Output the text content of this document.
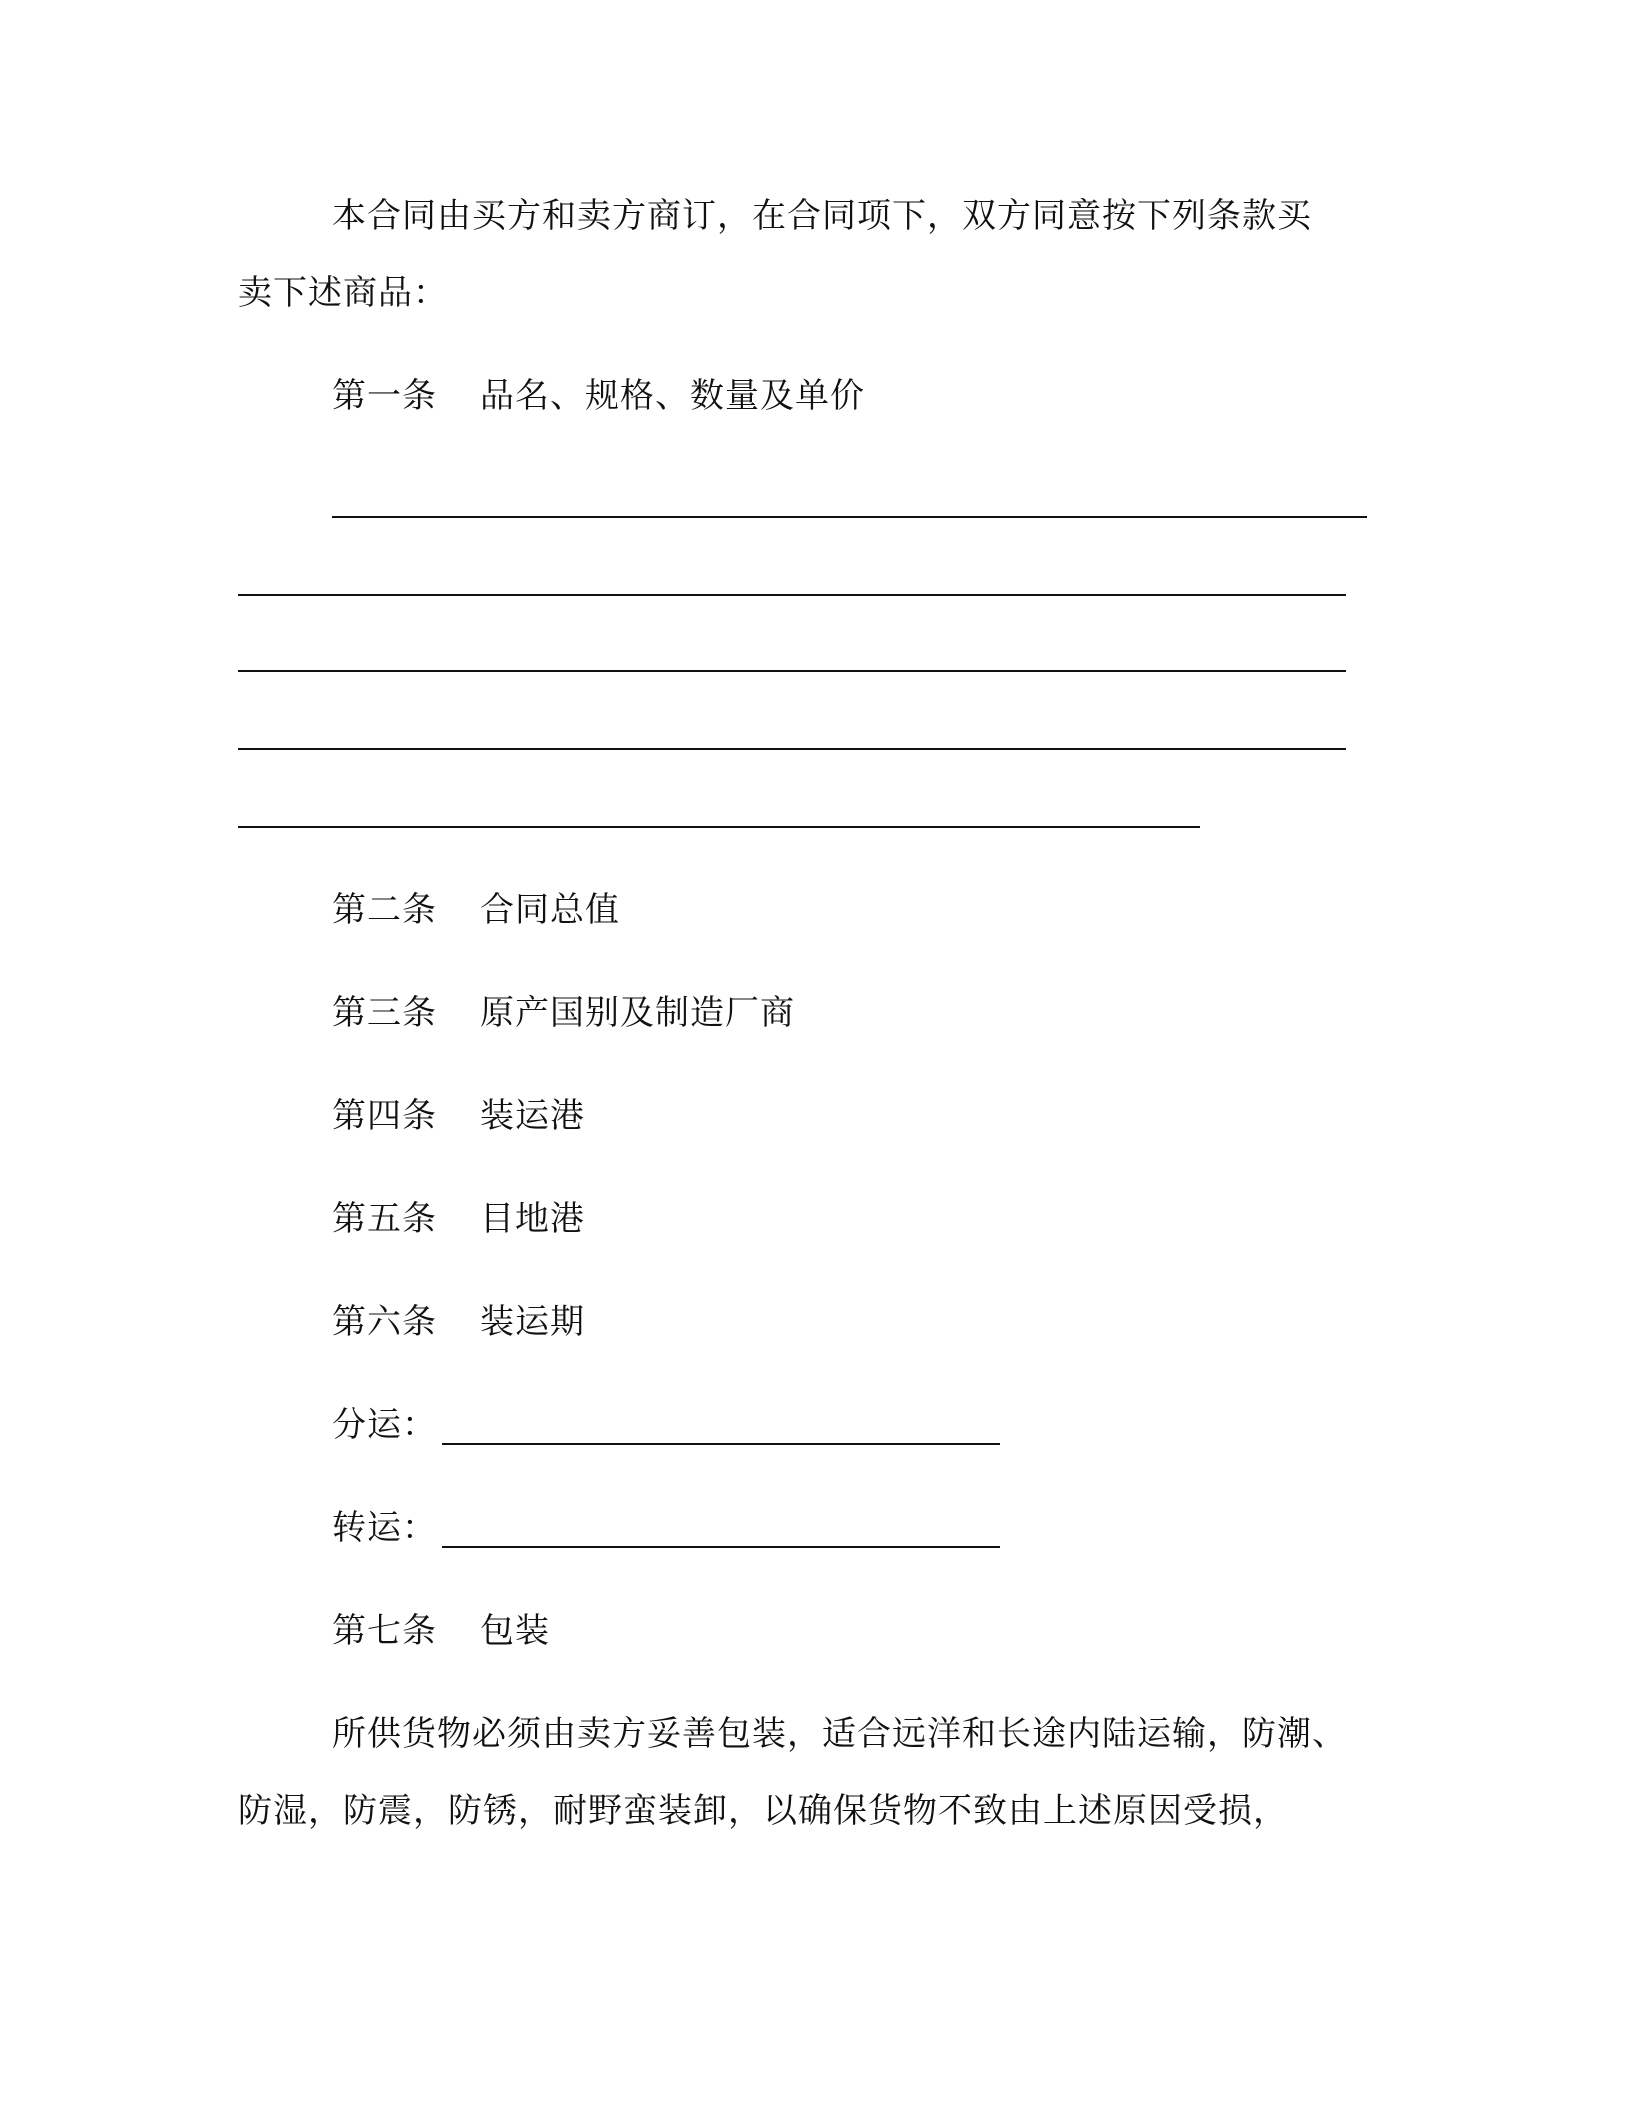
本合同由买方和卖方商订，在合同项下，双方同意按下列条款买
卖下述商品：
第一条 品名、规格、数量及单价
第二条 合同总值
第三条 原产国别及制造厂商
第四条 装运港
第五条 目地港
第六条 装运期
分运：
转运：
第七条 包装
所供货物必须由卖方妥善包装，适合远洋和长途内陆运输，防潮、
防湿，防震，防锈，耐野蛮装卸，以确保货物不致由上述原因受损，
